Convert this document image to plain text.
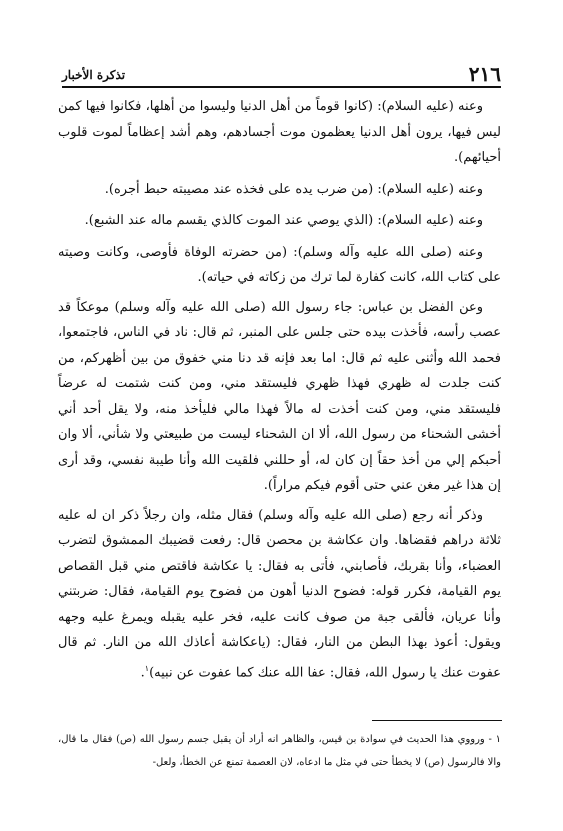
تذكرة الأخبار	٢١٦

وعنه (عليه السلام): (كانوا قوماً من أهل الدنيا وليسوا من أهلها، فكانوا فيها كمن ليس فيها، يرون أهل الدنيا يعظمون موت أجسادهم، وهم أشد إعظاماً لموت قلوب أحيائهم).

وعنه (عليه السلام): (من ضرب يده على فخذه عند مصيبته حبط أجره).

وعنه (عليه السلام): (الذي يوصي عند الموت كالذي يقسم ماله عند الشبع).

وعنه (صلى الله عليه وآله وسلم): (من حضرته الوفاة فأوصى، وكانت وصيته على كتاب الله، كانت كفارة لما ترك من زكاته في حياته).

وعن الفضل بن عباس: جاء رسول الله (صلى الله عليه وآله وسلم) موعكاً قد عصب رأسه، فأخذت بيده حتى جلس على المنبر، ثم قال: ناد في الناس، فاجتمعوا، فحمد الله وأثنى عليه ثم قال: اما بعد فإنه قد دنا مني خفوق من بين أظهركم، من كنت جلدت له ظهري فهذا ظهري فليستقد مني، ومن كنت شتمت له عرضاً فليستقد مني، ومن كنت أخذت له مالاً فهذا مالي فليأخذ منه، ولا يقل أحد أني أخشى الشحناء من رسول الله، ألا ان الشحناء ليست من طبيعتي ولا شأني، ألا وان أحبكم إلي من أخذ حقاً إن كان له، أو حللني فلقيت الله وأنا طيبة نفسي، وقد أرى إن هذا غير مغن عني حتى أقوم فيكم مراراً).

وذكر أنه رجع (صلى الله عليه وآله وسلم) فقال مثله، وان رجلاً ذكر ان له عليه ثلاثة دراهم فقضاها. وان عكاشة بن محصن قال: رفعت قضيبك الممشوق لتضرب العضباء، وأنا بقربك، فأصابني، فأتى به فقال: يا عكاشة فاقتص مني قبل القصاص يوم القيامة، فكرر قوله: فضوح الدنيا أهون من فضوح يوم القيامة، فقال: ضربتني وأنا عريان، فألقى جبة من صوف كانت عليه، فخر عليه يقبله ويمرغ عليه وجهه ويقول: أعوذ بهذا البطن من النار، فقال: (ياعكاشة أعاذك الله من النار. ثم قال عفوت عنك يا رسول الله، فقال: عفا الله عنك كما عفوت عن نبيه)$^١$.

١ - ورووي هذا الحديث في سوادة بن قيس، والظاهر انه أراد أن يقبل جسم رسول الله (ص) فقال ما قال، والا فالرسول (ص) لا يخطأ حتى في مثل ما ادعاه، لان العصمة تمنع عن الخطأ، ولعل-
